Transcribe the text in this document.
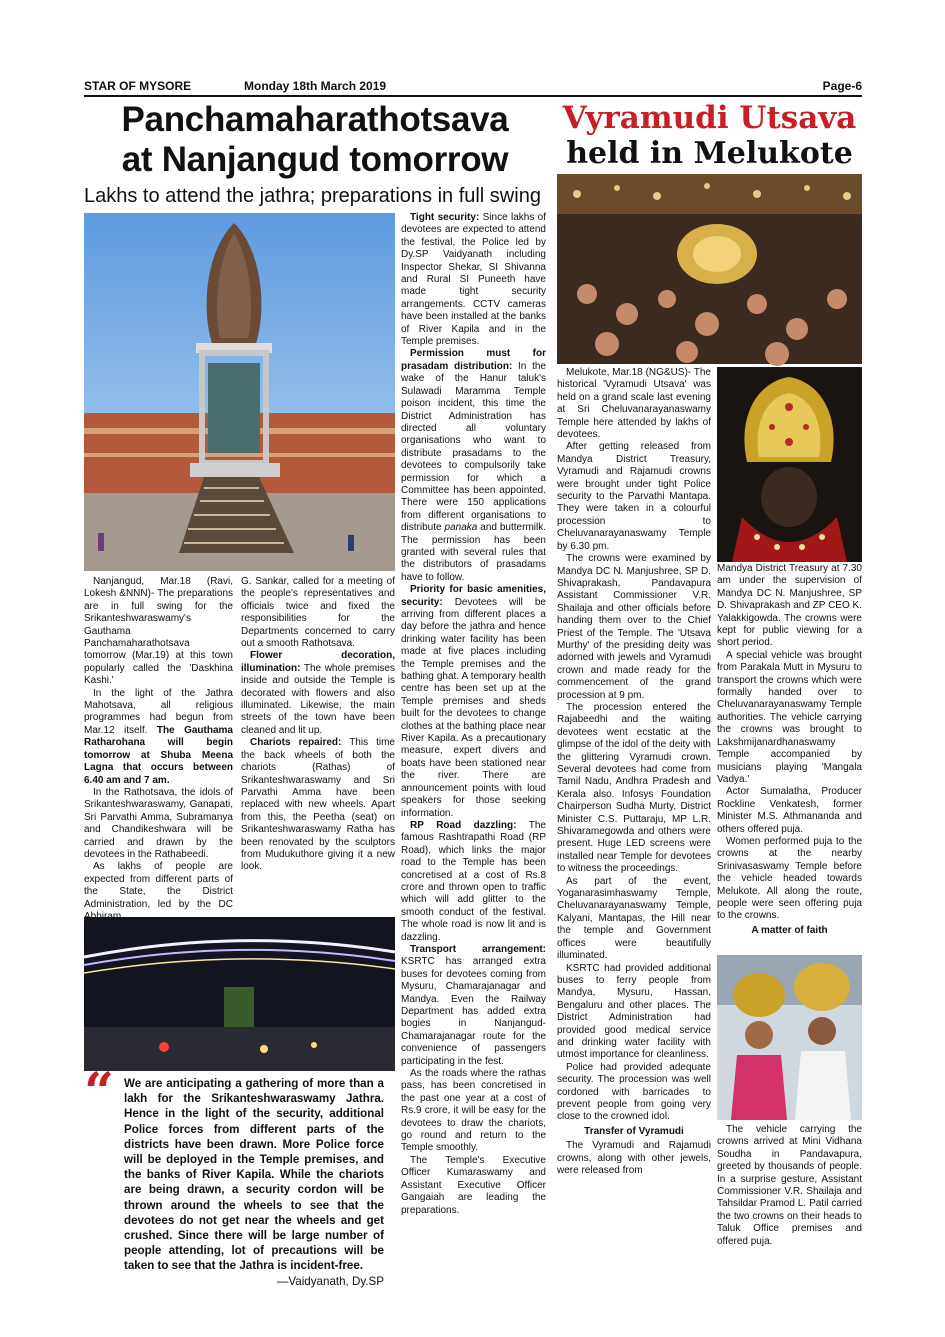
STAR OF MYSORE	Monday 18th March 2019	Page-6
Panchamaharathotsava
at Nanjangud tomorrow
Lakhs to attend the jathra; preparations in full swing
Vyramudi Utsava
held in Melukote

Nanjangud, Mar.18 (Ravi, Lokesh &NNN)- The preparations are in full swing for the Srikanteshwaraswamy's Gauthama Panchamaharathotsava tomorrow (Mar.19) at this town popularly called the 'Daskhina Kashi.'

In the light of the Jathra Mahotsava, all religious programmes had begun from Mar.12 itself. The Gauthama Ratharohana will begin tomorrow at Shuba Meena Lagna that occurs between 6.40 am and 7 am.

In the Rathotsava, the idols of Srikanteshwaraswamy, Ganapati, Sri Parvathi Amma, Subramanya and Chandikeshwara will be carried and drawn by the devotees in the Rathabeedi.

As lakhs of people are expected from different parts of the State, the District Administration, led by the DC Abhiram

G. Sankar, called for a meeting of the people's representatives and officials twice and fixed the responsibilities for the Departments concerned to carry out a smooth Rathotsava.

Flower decoration, illumination: The whole premises inside and outside the Temple is decorated with flowers and also illuminated. Likewise, the main streets of the town have been cleaned and lit up.

Chariots repaired: This time the back wheels of both the chariots (Rathas) of Srikanteshwaraswamy and Sri Parvathi Amma have been replaced with new wheels. Apart from this, the Peetha (seat) on Srikanteshwaraswamy Ratha has been renovated by the sculptors from Mudukuthore giving it a new look.

Tight security: Since lakhs of devotees are expected to attend the festival, the Police led by Dy.SP Vaidyanath including Inspector Shekar, SI Shivanna and Rural SI Puneeth have made tight security arrangements. CCTV cameras have been installed at the banks of River Kapila and in the Temple premises.

Permission must for prasadam distribution: In the wake of the Hanur taluk's Sulawadi Maramma Temple poison incident, this time the District Administration has directed all voluntary organisations who want to distribute prasadams to the devotees to compulsorily take permission for which a Committee has been appointed. There were 150 applications from different organisations to distribute panaka and buttermilk. The permission has been granted with several rules that the distributors of prasadams have to follow.

Priority for basic amenities, security: Devotees will be arriving from different places a day before the jathra and hence drinking water facility has been made at five places including the Temple premises and the bathing ghat. A temporary health centre has been set up at the Temple premises and sheds built for the devotees to change clothes at the bathing place near River Kapila. As a precautionary measure, expert divers and boats have been stationed near the river. There are announcement points with loud speakers for those seeking information.

RP Road dazzling: The famous Rashtrapathi Road (RP Road), which links the major road to the Temple has been concretised at a cost of Rs.8 crore and thrown open to traffic which will add glitter to the smooth conduct of the festival. The whole road is now lit and is dazzling.

Transport arrangement: KSRTC has arranged extra buses for devotees coming from Mysuru, Chamarajanagar and Mandya. Even the Railway Department has added extra bogies in Nanjangud-Chamarajanagar route for the convenience of passengers participating in the fest.

As the roads where the rathas pass, has been concretised in the past one year at a cost of Rs.9 crore, it will be easy for the devotees to draw the chariots, go round and return to the Temple smoothly.

The Temple's Executive Officer Kumaraswamy and Assistant Executive Officer Gangaiah are leading the preparations.

“ We are anticipating a gathering of more than a lakh for the Srikanteshwaraswamy Jathra. Hence in the light of the security, additional Police forces from different parts of the districts have been drawn. More Police force will be deployed in the Temple premises, and the banks of River Kapila. While the chariots are being drawn, a security cordon will be thrown around the wheels to see that the devotees do not get near the wheels and get crushed. Since there will be large number of people attending, lot of precautions will be taken to see that the Jathra is incident-free.
—Vaidyanath, Dy.SP

Melukote, Mar.18 (NG&US)- The historical 'Vyramudi Utsava' was held on a grand scale last evening at Sri Cheluvanarayanaswamy Temple here attended by lakhs of devotees.

After getting released from Mandya District Treasury, Vyramudi and Rajamudi crowns were brought under tight Police security to the Parvathi Mantapa. They were taken in a colourful procession to Cheluvanarayanaswamy Temple by 6.30 pm.

The crowns were examined by Mandya DC N. Manjushree, SP D. Shivaprakash, Pandavapura Assistant Commissioner V.R. Shailaja and other officials before handing them over to the Chief Priest of the Temple. The 'Utsava Murthy' of the presiding deity was adorned with jewels and Vyramudi crown and made ready for the commencement of the grand procession at 9 pm.

The procession entered the Rajabeedhi and the waiting devotees went ecstatic at the glimpse of the idol of the deity with the glittering Vyramudi crown. Several devotees had come from Tamil Nadu, Andhra Pradesh and Kerala also. Infosys Foundation Chairperson Sudha Murty, District Minister C.S. Puttaraju, MP L.R. Shivaramegowda and others were present. Huge LED screens were installed near Temple for devotees to witness the proceedings.

As part of the event, Yoganarasimhaswamy Temple, Cheluvanarayanaswamy Temple, Kalyani, Mantapas, the Hill near the temple and Government offices were beautifully illuminated.

KSRTC had provided additional buses to ferry people from Mandya, Mysuru, Hassan, Bengaluru and other places. The District Administration had provided good medical service and drinking water facility with utmost importance for cleanliness.

Police had provided adequate security. The procession was well cordoned with barricades to prevent people from going very close to the crowned idol.

Transfer of Vyramudi

The Vyramudi and Rajamudi crowns, along with other jewels, were released from

Mandya District Treasury at 7.30 am under the supervision of Mandya DC N. Manjushree, SP D. Shivaprakash and ZP CEO K. Yalakkigowda. The crowns were kept for public viewing for a short period.

A special vehicle was brought from Parakala Mutt in Mysuru to transport the crowns which were formally handed over to Cheluvanarayanaswamy Temple authorities. The vehicle carrying the crowns was brought to Lakshmijanardhanaswamy Temple accompanied by musicians playing 'Mangala Vadya.'

Actor Sumalatha, Producer Rockline Venkatesh, former Minister M.S. Athmananda and others offered puja.

Women performed puja to the crowns at the nearby Srinivasaswamy Temple before the vehicle headed towards Melukote. All along the route, people were seen offering puja to the crowns.

A matter of faith

The vehicle carrying the crowns arrived at Mini Vidhana Soudha in Pandavapura, greeted by thousands of people. In a surprise gesture, Assistant Commissioner V.R. Shailaja and Tahsildar Pramod L. Patil carried the two crowns on their heads to Taluk Office premises and offered puja.
